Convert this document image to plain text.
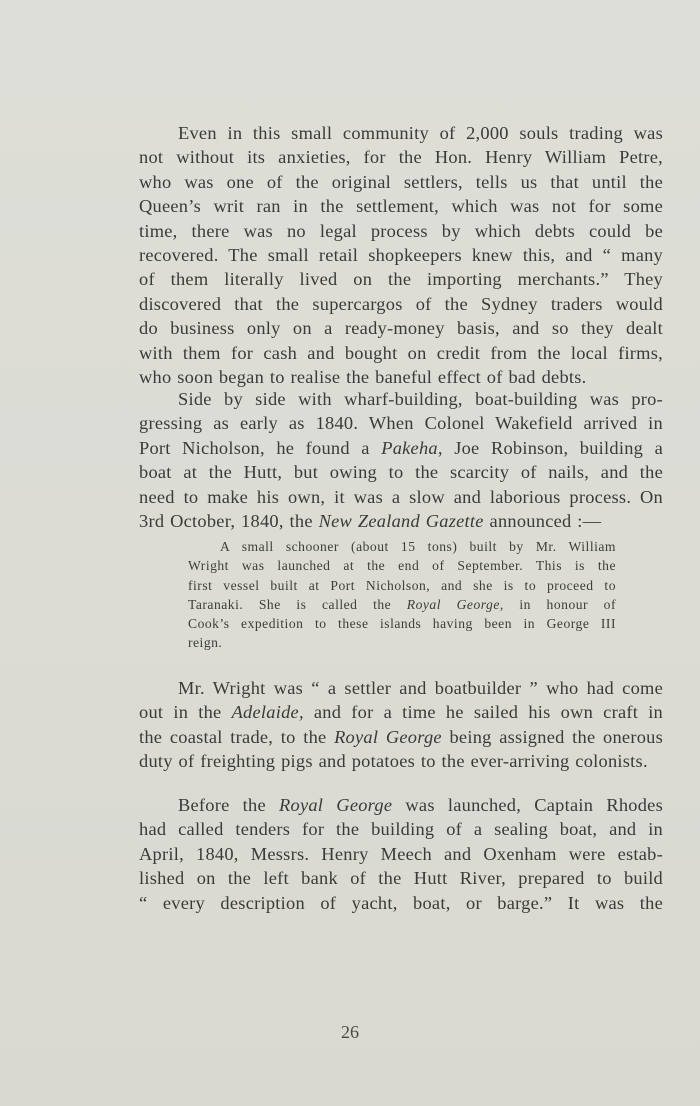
Even in this small community of 2,000 souls trading was
not without its anxieties, for the Hon. Henry William Petre,
who was one of the original settlers, tells us that until the
Queen’s writ ran in the settlement, which was not for some
time, there was no legal process by which debts could be
recovered. The small retail shopkeepers knew this, and “ many
of them literally lived on the importing merchants.” They
discovered that the supercargos of the Sydney traders would
do business only on a ready-money basis, and so they dealt
with them for cash and bought on credit from the local firms,
who soon began to realise the baneful effect of bad debts.
Side by side with wharf-building, boat-building was pro-
gressing as early as 1840. When Colonel Wakefield arrived in
Port Nicholson, he found a Pakeha, Joe Robinson, building a
boat at the Hutt, but owing to the scarcity of nails, and the
need to make his own, it was a slow and laborious process. On
3rd October, 1840, the New Zealand Gazette announced :—
A small schooner (about 15 tons) built by Mr. William
Wright was launched at the end of September. This is the
first vessel built at Port Nicholson, and she is to proceed to
Taranaki. She is called the Royal George, in honour of
Cook’s expedition to these islands having been in George III
reign.
Mr. Wright was “ a settler and boatbuilder ” who had come
out in the Adelaide, and for a time he sailed his own craft in
the coastal trade, to the Royal George being assigned the onerous
duty of freighting pigs and potatoes to the ever-arriving colonists.
Before the Royal George was launched, Captain Rhodes
had called tenders for the building of a sealing boat, and in
April, 1840, Messrs. Henry Meech and Oxenham were estab-
lished on the left bank of the Hutt River, prepared to build
“ every description of yacht, boat, or barge.” It was the
26
